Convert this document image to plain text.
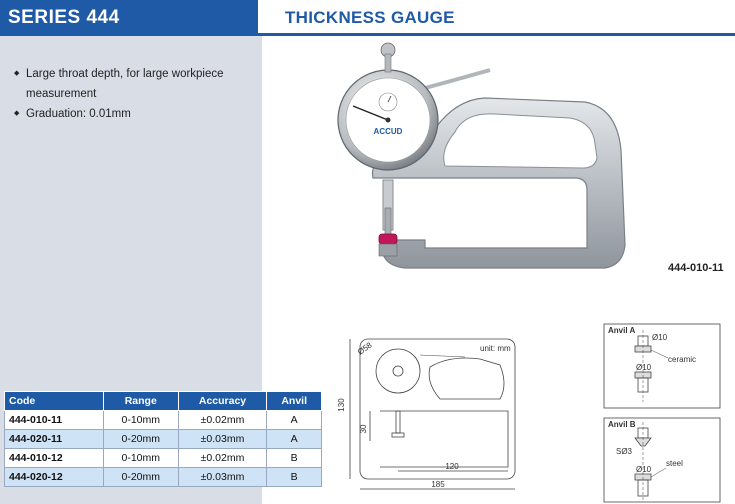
SERIES 444	THICKNESS GAUGE
◆ Large throat depth, for large workpiece measurement
◆ Graduation: 0.01mm
Code	Range	Accuracy	Anvil
444-010-11	0-10mm	±0.02mm	A
444-020-11	0-20mm	±0.03mm	A
444-010-12	0-10mm	±0.02mm	B
444-020-12	0-20mm	±0.03mm	B
ACCUD
444-010-11
unit: mm
Ø58
130
30
120
185
Anvil A
Ø10
ceramic
Ø10
Anvil B
SØ3
Ø10
steel
